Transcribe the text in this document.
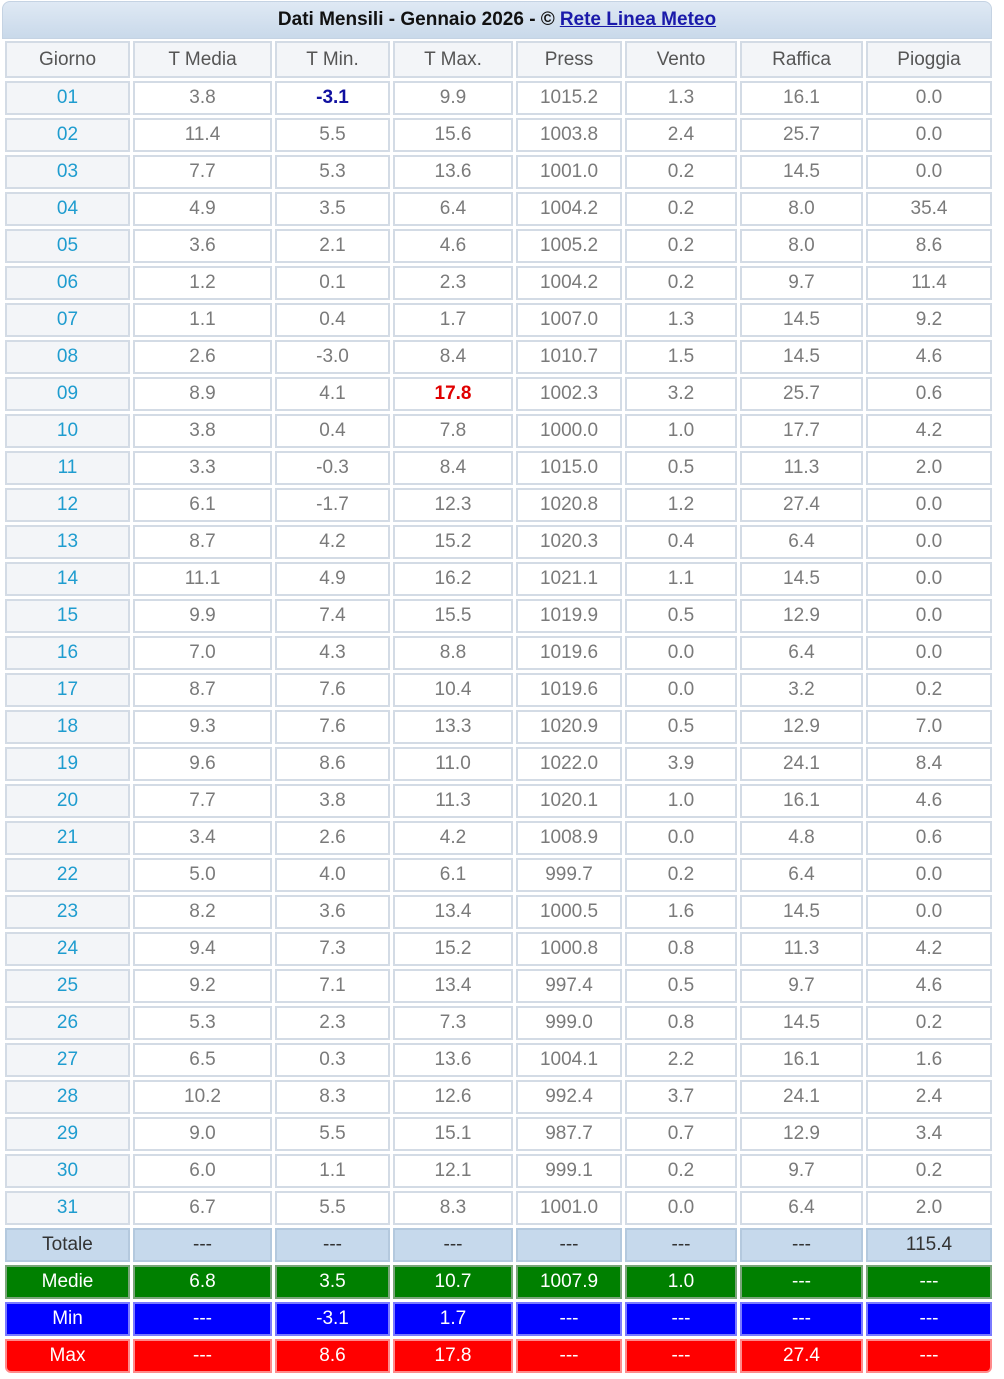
Dati Mensili - Gennaio 2026 - © Rete Linea Meteo
Giorno	T Media	T Min.	T Max.	Press	Vento	Raffica	Pioggia
01	3.8	-3.1	9.9	1015.2	1.3	16.1	0.0
02	11.4	5.5	15.6	1003.8	2.4	25.7	0.0
03	7.7	5.3	13.6	1001.0	0.2	14.5	0.0
04	4.9	3.5	6.4	1004.2	0.2	8.0	35.4
05	3.6	2.1	4.6	1005.2	0.2	8.0	8.6
06	1.2	0.1	2.3	1004.2	0.2	9.7	11.4
07	1.1	0.4	1.7	1007.0	1.3	14.5	9.2
08	2.6	-3.0	8.4	1010.7	1.5	14.5	4.6
09	8.9	4.1	17.8	1002.3	3.2	25.7	0.6
10	3.8	0.4	7.8	1000.0	1.0	17.7	4.2
11	3.3	-0.3	8.4	1015.0	0.5	11.3	2.0
12	6.1	-1.7	12.3	1020.8	1.2	27.4	0.0
13	8.7	4.2	15.2	1020.3	0.4	6.4	0.0
14	11.1	4.9	16.2	1021.1	1.1	14.5	0.0
15	9.9	7.4	15.5	1019.9	0.5	12.9	0.0
16	7.0	4.3	8.8	1019.6	0.0	6.4	0.0
17	8.7	7.6	10.4	1019.6	0.0	3.2	0.2
18	9.3	7.6	13.3	1020.9	0.5	12.9	7.0
19	9.6	8.6	11.0	1022.0	3.9	24.1	8.4
20	7.7	3.8	11.3	1020.1	1.0	16.1	4.6
21	3.4	2.6	4.2	1008.9	0.0	4.8	0.6
22	5.0	4.0	6.1	999.7	0.2	6.4	0.0
23	8.2	3.6	13.4	1000.5	1.6	14.5	0.0
24	9.4	7.3	15.2	1000.8	0.8	11.3	4.2
25	9.2	7.1	13.4	997.4	0.5	9.7	4.6
26	5.3	2.3	7.3	999.0	0.8	14.5	0.2
27	6.5	0.3	13.6	1004.1	2.2	16.1	1.6
28	10.2	8.3	12.6	992.4	3.7	24.1	2.4
29	9.0	5.5	15.1	987.7	0.7	12.9	3.4
30	6.0	1.1	12.1	999.1	0.2	9.7	0.2
31	6.7	5.5	8.3	1001.0	0.0	6.4	2.0
Totale	---	---	---	---	---	---	115.4
Medie	6.8	3.5	10.7	1007.9	1.0	---	---
Min	---	-3.1	1.7	---	---	---	---
Max	---	8.6	17.8	---	---	27.4	---
